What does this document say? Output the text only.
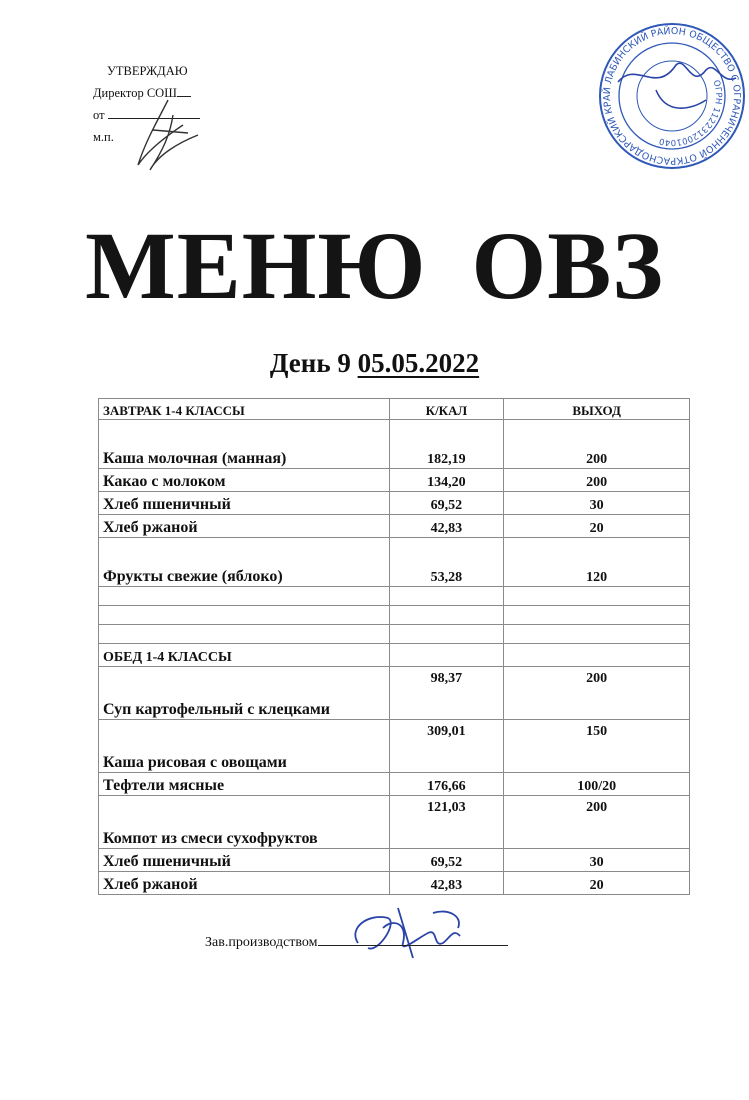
УТВЕРЖДАЮ
Директор СОШ
от
м.п.
КРАСНОДАРСКИЙ КРАЙ ЛАБИНСКИЙ РАЙОН ОБЩЕСТВО С ОГРАНИЧЕННОЙ ОТВЕТСТВЕННОСТЬЮ
ОГРН 1122312001040
МЕНЮ ОВЗ
День 9 05.05.2022
ЗАВТРАК 1-4 КЛАССЫ	К/КАЛ	ВЫХОД
Каша молочная (манная)	182,19	200
Какао с молоком	134,20	200
Хлеб пшеничный	69,52	30
Хлеб ржаной	42,83	20
Фрукты свежие (яблоко)	53,28	120

ОБЕД 1-4 КЛАССЫ		
Суп картофельный с клецками	98,37	200
Каша рисовая с овощами	309,01	150
Тефтели мясные	176,66	100/20
Компот из смеси сухофруктов	121,03	200
Хлеб пшеничный	69,52	30
Хлеб ржаной	42,83	20
Зав.производством
